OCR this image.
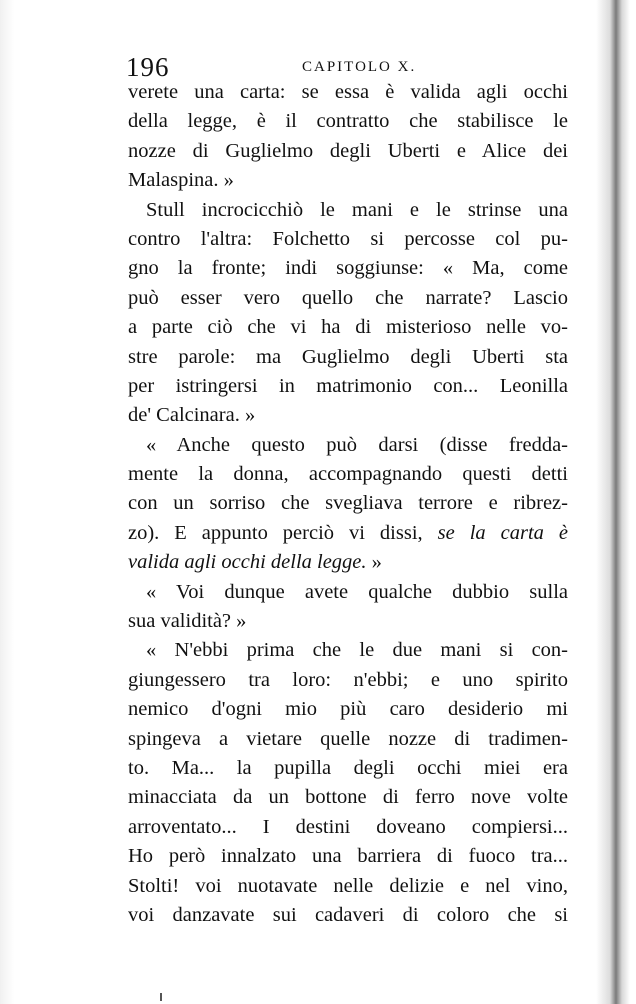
196	CAPITOLO X.
verete una carta: se essa è valida agli occhi
della legge, è il contratto che stabilisce le
nozze di Guglielmo degli Uberti e Alice dei
Malaspina. »
Stull incrocicchiò le mani e le strinse una
contro l'altra: Folchetto si percosse col pu-
gno la fronte; indi soggiunse: « Ma, come
può esser vero quello che narrate? Lascio
a parte ciò che vi ha di misterioso nelle vo-
stre parole: ma Guglielmo degli Uberti sta
per istringersi in matrimonio con... Leonilla
de' Calcinara. »
« Anche questo può darsi (disse fredda-
mente la donna, accompagnando questi detti
con un sorriso che svegliava terrore e ribrez-
zo). E appunto perciò vi dissi, se la carta è
valida agli occhi della legge. »
« Voi dunque avete qualche dubbio sulla
sua validità? »
« N'ebbi prima che le due mani si con-
giungessero tra loro: n'ebbi; e uno spirito
nemico d'ogni mio più caro desiderio mi
spingeva a vietare quelle nozze di tradimen-
to. Ma... la pupilla degli occhi miei era
minacciata da un bottone di ferro nove volte
arroventato... I destini doveano compiersi...
Ho però innalzato una barriera di fuoco tra...
Stolti! voi nuotavate nelle delizie e nel vino,
voi danzavate sui cadaveri di coloro che si
